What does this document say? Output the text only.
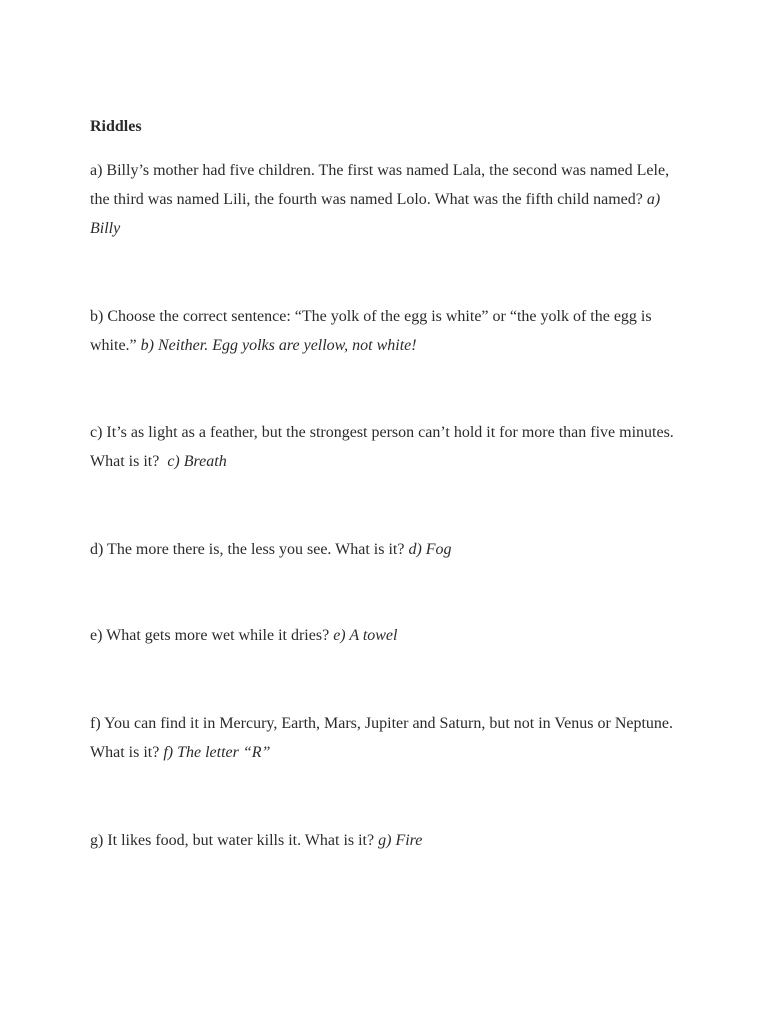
Riddles

a) Billy’s mother had five children. The first was named Lala, the second was named Lele, the third was named Lili, the fourth was named Lolo. What was the fifth child named? a) Billy

b) Choose the correct sentence: “The yolk of the egg is white” or “the yolk of the egg is white.” b) Neither. Egg yolks are yellow, not white!

c) It’s as light as a feather, but the strongest person can’t hold it for more than five minutes. What is it? c) Breath

d) The more there is, the less you see. What is it? d) Fog

e) What gets more wet while it dries? e) A towel

f) You can find it in Mercury, Earth, Mars, Jupiter and Saturn, but not in Venus or Neptune. What is it? f) The letter “R”

g) It likes food, but water kills it. What is it? g) Fire
